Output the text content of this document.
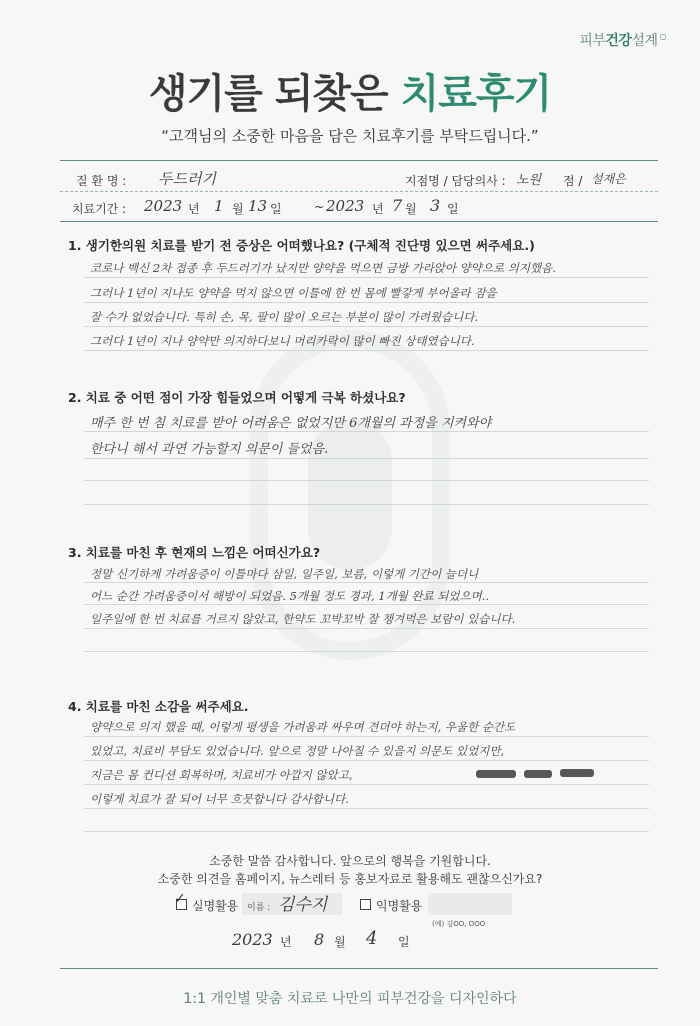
피부건강설계 ○
생기를 되찾은 치료후기
“고객님의 소중한 마음을 담은 치료후기를 부탁드립니다.”
질 환 명 : 두드러기	지점명 / 담당의사 : 노원 점 / 설재은
치료기간 : 2023 년 1 월 13 일	~ 2023 년 7 월 3 일
1. 생기한의원 치료를 받기 전 증상은 어떠했나요? (구체적 진단명 있으면 써주세요.)
코로나 백신 2차 접종 후 두드러기가 났지만 양약을 먹으면 금방 가라앉아 양약으로 의지했음.
그러나 1년이 지나도 양약을 먹지 않으면 이틀에 한 번 몸에 빨갛게 부어올라 잠을
잘 수가 없었습니다. 특히 손, 목, 팔이 많이 오르는 부분이 많이 가려웠습니다.
그러다 1년이 지나 양약만 의지하다보니 머리카락이 많이 빠진 상태였습니다.
2. 치료 중 어떤 점이 가장 힘들었으며 어떻게 극복 하셨나요?
매주 한 번 침 치료를 받아 어려움은 없었지만 6개월의 과정을 지켜와야
한다니 해서 과연 가능할지 의문이 들었음.
3. 치료를 마친 후 현재의 느낌은 어떠신가요?
정말 신기하게 가려움증이 이틀마다 삼일, 일주일, 보름, 이렇게 기간이 늘더니
어느 순간 가려움증이서 해방이 되었음. 5개월 정도 경과, 1개월 완료 되었으며..
일주일에 한 번 치료를 거르지 않았고, 한약도 꼬박꼬박 잘 챙겨먹은 보람이 있습니다.
4. 치료를 마친 소감을 써주세요.
양약으로 의지 했을 때, 이렇게 평생을 가려움과 싸우며 견뎌야 하는지, 우울한 순간도
있었고, 치료비 부담도 있었습니다. 앞으로 정말 나아질 수 있을지 의문도 있었지만,
지금은 몸 컨디션 회복하며, 치료비가 아깝지 않았고,
이렇게 치료가 잘 되어 너무 흐뭇합니다 감사합니다.
소중한 말씀 감사합니다. 앞으로의 행복을 기원합니다.
소중한 의견을 홈페이지, 뉴스레터 등 홍보자료로 활용해도 괜찮으신가요?
✓ 실명활용 이름 : 김수지	익명활용
(예) 김OO, OOO
2023 년 8 월 4 일
1:1 개인별 맞춤 치료로 나만의 피부건강을 디자인하다
